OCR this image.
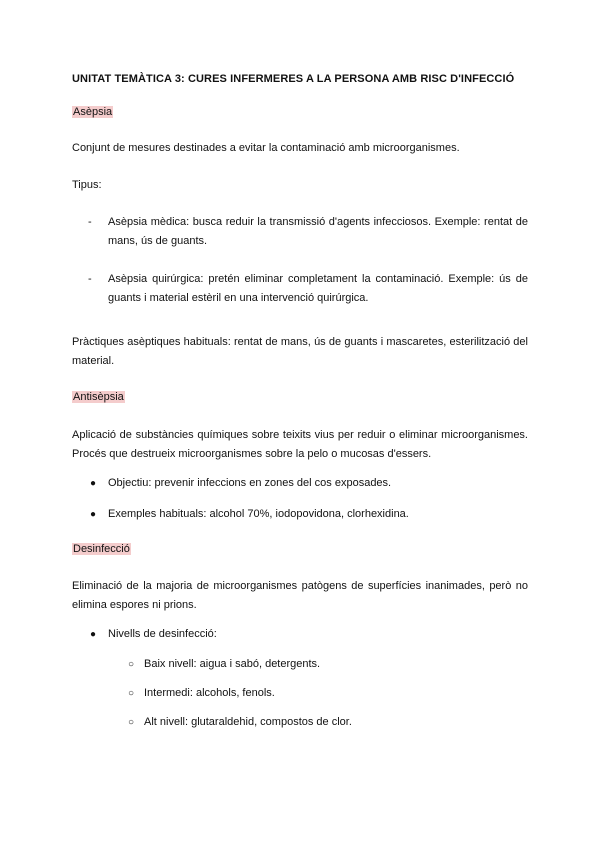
UNITAT TEMÀTICA 3: CURES INFERMERES A LA PERSONA AMB RISC D'INFECCIÓ
Asèpsia
Conjunt de mesures destinades a evitar la contaminació amb microorganismes.
Tipus:
- Asèpsia mèdica: busca reduir la transmissió d'agents infecciosos. Exemple: rentat de mans, ús de guants.
- Asèpsia quirúrgica: pretén eliminar completament la contaminació. Exemple: ús de guants i material estèril en una intervenció quirúrgica.
Pràctiques asèptiques habituals: rentat de mans, ús de guants i mascaretes, esterilització del material.
Antisèpsia
Aplicació de substàncies químiques sobre teixits vius per reduir o eliminar microorganismes. Procés que destrueix microorganismes sobre la pelo o mucosas d'essers.
● Objectiu: prevenir infeccions en zones del cos exposades.
● Exemples habituals: alcohol 70%, iodopovidona, clorhexidina.
Desinfecció
Eliminació de la majoria de microorganismes patògens de superfícies inanimades, però no elimina espores ni prions.
● Nivells de desinfecció:
○ Baix nivell: aigua i sabó, detergents.
○ Intermedi: alcohols, fenols.
○ Alt nivell: glutaraldehid, compostos de clor.
